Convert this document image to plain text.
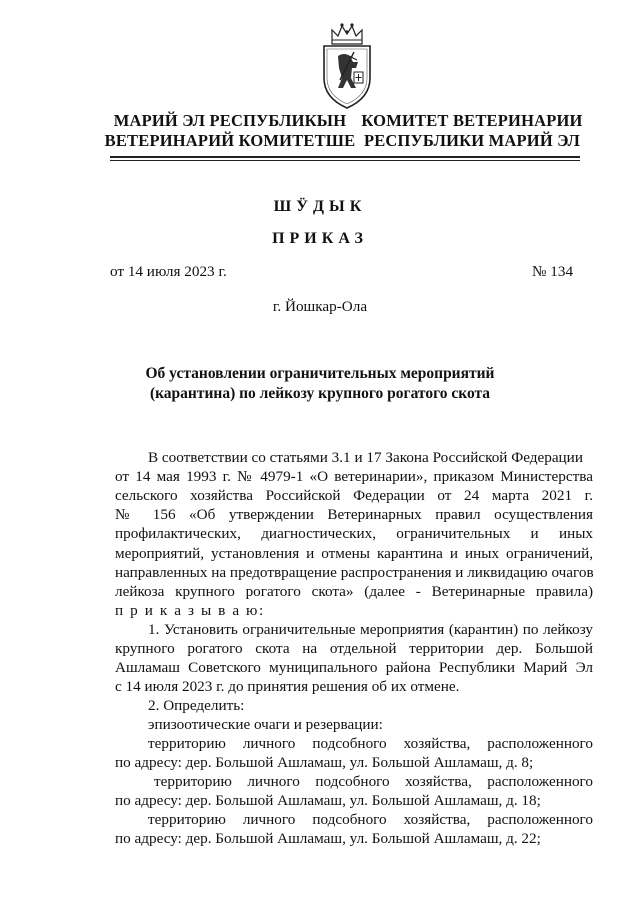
МАРИЙ ЭЛ РЕСПУБЛИКЫН
ВЕТЕРИНАРИЙ КОМИТЕТШЕ
КОМИТЕТ ВЕТЕРИНАРИИ
РЕСПУБЛИКИ МАРИЙ ЭЛ
ШӰДЫК
ПРИКАЗ
от 14 июля 2023 г.	№ 134
г. Йошкар-Ола
Об установлении ограничительных мероприятий
(карантина) по лейкозу крупного рогатого скота
В соответствии со статьями 3.1 и 17 Закона Российской Федерации
от 14 мая 1993 г. № 4979-1 «О ветеринарии», приказом Министерства
сельского хозяйства Российской Федерации от 24 марта 2021 г.
№ 156 «Об утверждении Ветеринарных правил осуществления
профилактических, диагностических, ограничительных и иных
мероприятий, установления и отмены карантина и иных ограничений,
направленных на предотвращение распространения и ликвидацию очагов
лейкоза крупного рогатого скота» (далее - Ветеринарные правила)
п р и к а з ы в а ю:
1. Установить ограничительные мероприятия (карантин) по лейкозу
крупного рогатого скота на отдельной территории дер. Большой
Ашламаш Советского муниципального района Республики Марий Эл
с 14 июля 2023 г. до принятия решения об их отмене.
2. Определить:
эпизоотические очаги и резервации:
территорию личного подсобного хозяйства, расположенного
по адресу: дер. Большой Ашламаш, ул. Большой Ашламаш, д. 8;
территорию личного подсобного хозяйства, расположенного
по адресу: дер. Большой Ашламаш, ул. Большой Ашламаш, д. 18;
территорию личного подсобного хозяйства, расположенного
по адресу: дер. Большой Ашламаш, ул. Большой Ашламаш, д. 22;
